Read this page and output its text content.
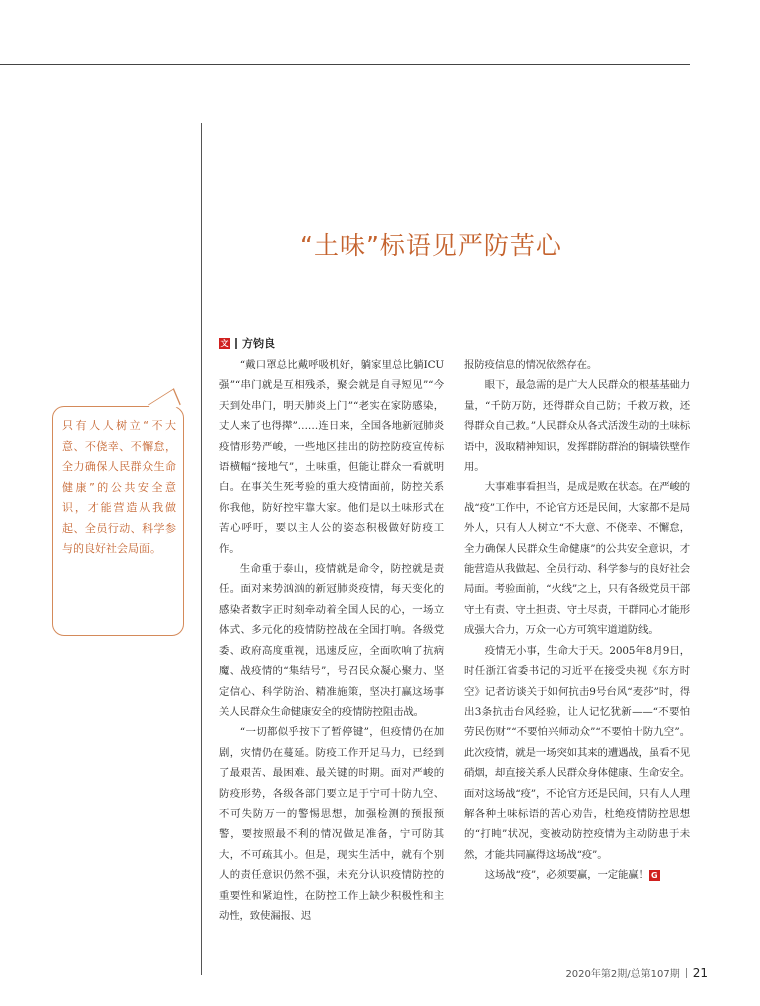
“土味”标语见严防苦心
文 方钧良
只有人人树立“不大意、不侥幸、不懈怠，全力确保人民群众生命健康”的公共安全意识，才能营造从我做起、全员行动、科学参与的良好社会局面。

“戴口罩总比戴呼吸机好，躺家里总比躺ICU强”“串门就是互相残杀，聚会就是自寻短见”“今天到处串门，明天肺炎上门”“老实在家防感染，丈人来了也得撵”……连日来，全国各地新冠肺炎疫情形势严峻，一些地区挂出的防控防疫宣传标语横幅“接地气”，土味重，但能让群众一看就明白。在事关生死考验的重大疫情面前，防控关系你我他，防好控牢靠大家。他们是以土味形式在苦心呼吁，要以主人公的姿态积极做好防疫工作。

生命重于泰山，疫情就是命令，防控就是责任。面对来势汹汹的新冠肺炎疫情，每天变化的感染者数字正时刻牵动着全国人民的心，一场立体式、多元化的疫情防控战在全国打响。各级党委、政府高度重视，迅速反应，全面吹响了抗病魔、战疫情的“集结号”，号召民众凝心聚力、坚定信心、科学防治、精准施策，坚决打赢这场事关人民群众生命健康安全的疫情防控阻击战。

“一切都似乎按下了暂停键”，但疫情仍在加剧，灾情仍在蔓延。防疫工作开足马力，已经到了最艰苦、最困难、最关键的时期。面对严峻的防疫形势，各级各部门要立足于宁可十防九空、不可失防万一的警惕思想，加强检测的预报预警，要按照最不利的情况做足准备，宁可防其大，不可疏其小。但是，现实生活中，就有个别人的责任意识仍然不强，未充分认识疫情防控的重要性和紧迫性，在防控工作上缺少积极性和主动性，致使漏报、迟

报防疫信息的情况依然存在。

眼下，最急需的是广大人民群众的根基基础力量，“千防万防，还得群众自己防；千救万救，还得群众自己救。”人民群众从各式活泼生动的土味标语中，汲取精神知识，发挥群防群治的铜墙铁壁作用。

大事难事看担当，是成是败在状态。在严峻的战“疫”工作中，不论官方还是民间，大家都不是局外人，只有人人树立“不大意、不侥幸、不懈怠，全力确保人民群众生命健康”的公共安全意识，才能营造从我做起、全员行动、科学参与的良好社会局面。考验面前，“火线”之上，只有各级党员干部守土有责、守土担责、守土尽责，干群同心才能形成强大合力，万众一心方可筑牢道道防线。

疫情无小事，生命大于天。2005年8月9日，时任浙江省委书记的习近平在接受央视《东方时空》记者访谈关于如何抗击9号台风“麦莎”时，得出3条抗击台风经验，让人记忆犹新——“不要怕劳民伤财”“不要怕兴师动众”“不要怕十防九空”。此次疫情，就是一场突如其来的遭遇战，虽看不见硝烟，却直接关系人民群众身体健康、生命安全。面对这场战“疫”，不论官方还是民间，只有人人理解各种土味标语的苦心劝告，杜绝疫情防控思想的“打盹”状况，变被动防控疫情为主动防患于未然，才能共同赢得这场战“疫”。

这场战“疫”，必须要赢，一定能赢！ G

2020年第2期/总第107期 21
